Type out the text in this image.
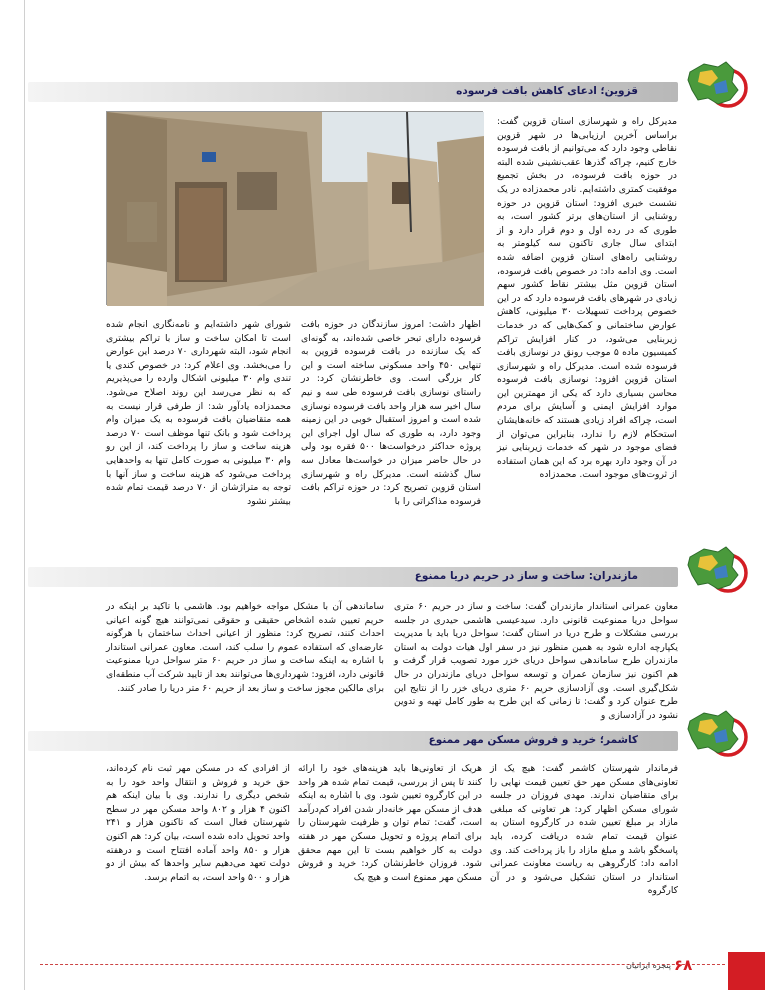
قزوین؛ ادعای کاهش بافت فرسوده
مدیرکل راه و شهرسازی استان قزوین گفت: براساس آخرین ارزیابی‌ها در شهر قزوین نقاطی وجود دارد که می‌توانیم از بافت فرسوده خارج کنیم، چراکه گذرها عقب‌نشینی شده البته در حوزه بافت فرسوده، در بخش تجمیع موفقیت کمتری داشته‌ایم. نادر محمدزاده در یک نشست خبری افزود: استان قزوین در حوزه روشنایی از استان‌های برتر کشور است، به طوری که در رده اول و دوم قرار دارد و از ابتدای سال جاری تاکنون سه کیلومتر به روشنایی راه‌های استان قزوین اضافه شده است. وی ادامه داد: در خصوص بافت فرسوده، استان قزوین مثل بیشتر نقاط کشور سهم زیادی در شهرهای بافت فرسوده دارد که در این خصوص پرداخت تسهیلات ۳۰ میلیونی، کاهش عوارض ساختمانی و کمک‌هایی که در خدمات زیربنایی می‌شود، در کنار افزایش تراکم کمیسیون ماده ۵ موجب رونق در نوسازی بافت فرسوده شده است. مدیرکل راه و شهرسازی استان قزوین افزود: نوسازی بافت فرسوده محاسن بسیاری دارد که یکی از مهمترین این موارد افزایش ایمنی و آسایش برای مردم است، چراکه افراد زیادی هستند که خانه‌هایشان استحکام لازم را ندارد، بنابراین می‌توان از فضای موجود در شهر که خدمات زیربنایی نیز در آن وجود دارد بهره برد که این همان استفاده از ثروت‌های موجود است. محمدزاده
اظهار داشت: امروز سازندگان در حوزه بافت فرسوده دارای تبحر خاصی شده‌اند، به گونه‌ای که یک سازنده در بافت فرسوده قزوین به تنهایی ۴۵۰ واحد مسکونی ساخته است و این کار بزرگی است. وی خاطرنشان کرد: در راستای نوسازی بافت فرسوده طی سه و نیم سال اخیر سه هزار واحد بافت فرسوده نوسازی شده است و امروز استقبال خوبی در این زمینه وجود دارد، به طوری که سال اول اجرای این پروژه حداکثر درخواست‌ها ۵۰۰ فقره بود ولی در حال حاضر میزان در خواست‌ها معادل سه سال گذشته است. مدیرکل راه و شهرسازی استان قزوین تصریح کرد: در حوزه تراکم بافت فرسوده مذاکراتی را با
شورای شهر داشته‌ایم و نامه‌نگاری انجام شده است تا امکان ساخت و ساز با تراکم بیشتری انجام شود، البته شهرداری ۷۰ درصد این عوارض را می‌بخشد. وی اعلام کرد: در خصوص کندی یا تندی وام ۳۰ میلیونی اشکال وارده را می‌پذیریم که به نظر می‌رسد این روند اصلاح می‌شود. محمدزاده یادآور شد: از طرفی قرار نیست به همه متقاضیان بافت فرسوده به یک میزان وام پرداخت شود و بانک تنها موظف است ۷۰ درصد هزینه ساخت و ساز را پرداخت کند، از این رو وام ۳۰ میلیونی به صورت کامل تنها به واحدهایی پرداخت می‌شود که هزینه ساخت و ساز آنها با توجه به متراژشان از ۷۰ درصد قیمت تمام شده بیشتر نشود
مازندران: ساخت و ساز در حریم دریا ممنوع
معاون عمرانی استاندار مازندران گفت: ساخت و ساز در حریم ۶۰ متری سواحل دریا ممنوعیت قانونی دارد. سیدعیسی هاشمی حیدری در جلسه بررسی مشکلات و طرح دریا در استان گفت: سواحل دریا باید با مدیریت یکپارچه اداره شود به همین منظور نیز در سفر اول هیات دولت به استان مازندران طرح ساماندهی سواحل دریای خزر مورد تصویب قرار گرفت و هم اکنون نیز سازمان عمران و توسعه سواحل دریای مازندران در حال شکل‌گیری است. وی آزادسازی حریم ۶۰ متری دریای خزر را از نتایج این طرح عنوان کرد و گفت: تا زمانی که این طرح به طور کامل تهیه و تدوین نشود در آزادسازی و
ساماندهی آن با مشکل مواجه خواهیم بود. هاشمی با تاکید بر اینکه در حریم تعیین شده اشخاص حقیقی و حقوقی نمی‌توانند هیچ گونه اعیانی احداث کنند، تصریح کرد: منظور از اعیانی احداث ساختمان با هرگونه عارضه‌ای که استفاده عموم را سلب کند، است. معاون عمرانی استاندار با اشاره به اینکه ساخت و ساز در حریم ۶۰ متر سواحل دریا ممنوعیت قانونی دارد، افزود: شهرداری‌ها می‌توانند بعد از تایید شرکت آب منطقه‌ای برای مالکین مجوز ساخت و ساز بعد از حریم ۶۰ متر دریا را صادر کنند.
کاشمر؛ خرید و فروش مسکن مهر ممنوع
فرماندار شهرستان کاشمر گفت: هیچ یک از تعاونی‌های مسکن مهر حق تعیین قیمت نهایی را برای متقاضیان ندارند. مهدی فروزان در جلسه شورای مسکن اظهار کرد: هر تعاونی که مبلغی مازاد بر مبلغ تعیین شده در کارگروه استان به عنوان قیمت تمام شده دریافت کرده، باید پاسخگو باشد و مبلغ مازاد را باز پرداخت کند. وی ادامه داد: کارگروهی به ریاست معاونت عمرانی استاندار در استان تشکیل می‌شود و در آن کارگروه
هریک از تعاونی‌ها باید هزینه‌های خود را ارائه کنند تا پس از بررسی، قیمت تمام شده هر واحد در این کارگروه تعیین شود. وی با اشاره به اینکه هدف از مسکن مهر خانه‌دار شدن افراد کم‌درآمد است، گفت: تمام توان و ظرفیت شهرستان را برای اتمام پروژه و تحویل مسکن مهر در هفته دولت به کار خواهیم بست تا این مهم محقق شود. فروزان خاطرنشان کرد: خرید و فروش مسکن مهر ممنوع است و هیچ یک
از افرادی که در مسکن مهر ثبت نام کرده‌اند، حق خرید و فروش و انتقال واحد خود را به شخص دیگری را ندارند. وی با بیان اینکه هم اکنون ۴ هزار و ۸۰۲ واحد مسکن مهر در سطح شهرستان فعال است که تاکنون هزار و ۲۴۱ واحد تحویل داده شده است، بیان کرد: هم اکنون هزار و ۸۵۰ واحد آماده افتتاح است و درهفته دولت تعهد می‌دهیم سایر واحدها که بیش از دو هزار و ۵۰۰ واحد است، به اتمام برسد.
۶۸
پنجره ایرانیان
